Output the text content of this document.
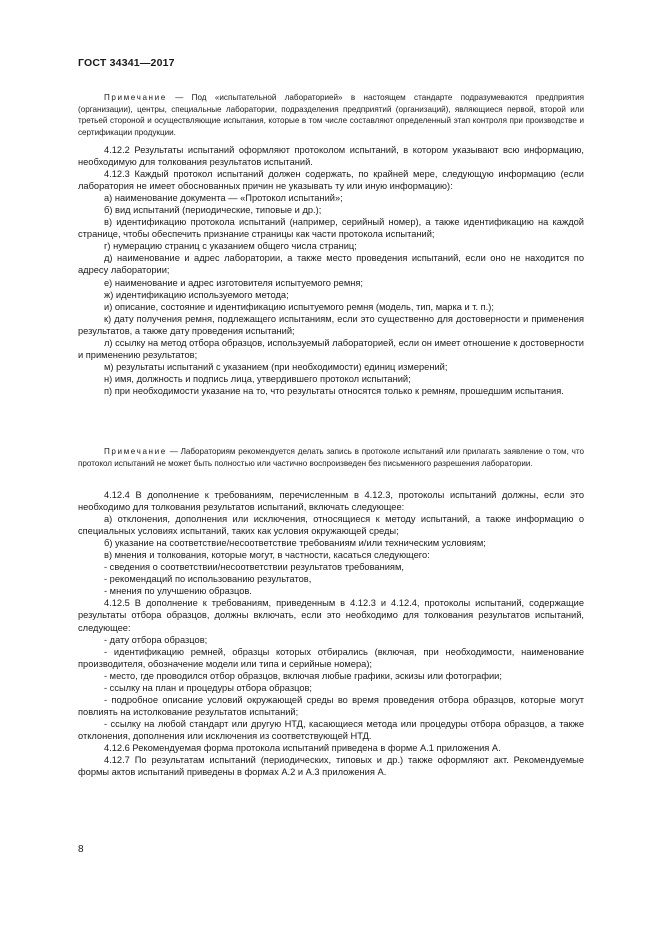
ГОСТ 34341—2017

Примечание — Под «испытательной лабораторией» в настоящем стандарте подразумеваются предприятия (организации), центры, специальные лаборатории, подразделения предприятий (организаций), являющиеся первой, второй или третьей стороной и осуществляющие испытания, которые в том числе составляют определенный этап контроля при производстве и сертификации продукции.

4.12.2 Результаты испытаний оформляют протоколом испытаний, в котором указывают всю информацию, необходимую для толкования результатов испытаний.

4.12.3 Каждый протокол испытаний должен содержать, по крайней мере, следующую информацию (если лаборатория не имеет обоснованных причин не указывать ту или иную информацию):

а) наименование документа — «Протокол испытаний»;

б) вид испытаний (периодические, типовые и др.);

в) идентификацию протокола испытаний (например, серийный номер), а также идентификацию на каждой странице, чтобы обеспечить признание страницы как части протокола испытаний;

г) нумерацию страниц с указанием общего числа страниц;

д) наименование и адрес лаборатории, а также место проведения испытаний, если оно не находится по адресу лаборатории;

е) наименование и адрес изготовителя испытуемого ремня;

ж) идентификацию используемого метода;

и) описание, состояние и идентификацию испытуемого ремня (модель, тип, марка и т. п.);

к) дату получения ремня, подлежащего испытаниям, если это существенно для достоверности и применения результатов, а также дату проведения испытаний;

л) ссылку на метод отбора образцов, используемый лабораторией, если он имеет отношение к достоверности и применению результатов;

м) результаты испытаний с указанием (при необходимости) единиц измерений;

н) имя, должность и подпись лица, утвердившего протокол испытаний;

п) при необходимости указание на то, что результаты относятся только к ремням, прошедшим испытания.

Примечание — Лабораториям рекомендуется делать запись в протоколе испытаний или прилагать заявление о том, что протокол испытаний не может быть полностью или частично воспроизведен без письменного разрешения лаборатории.

4.12.4 В дополнение к требованиям, перечисленным в 4.12.3, протоколы испытаний должны, если это необходимо для толкования результатов испытаний, включать следующее:

а) отклонения, дополнения или исключения, относящиеся к методу испытаний, а также информацию о специальных условиях испытаний, таких как условия окружающей среды;

б) указание на соответствие/несоответствие требованиям и/или техническим условиям;

в) мнения и толкования, которые могут, в частности, касаться следующего:

- сведения о соответствии/несоответствии результатов требованиям,

- рекомендаций по использованию результатов,

- мнения по улучшению образцов.

4.12.5 В дополнение к требованиям, приведенным в 4.12.3 и 4.12.4, протоколы испытаний, содержащие результаты отбора образцов, должны включать, если это необходимо для толкования результатов испытаний, следующее:

- дату отбора образцов;

- идентификацию ремней, образцы которых отбирались (включая, при необходимости, наименование производителя, обозначение модели или типа и серийные номера);

- место, где проводился отбор образцов, включая любые графики, эскизы или фотографии;

- ссылку на план и процедуры отбора образцов;

- подробное описание условий окружающей среды во время проведения отбора образцов, которые могут повлиять на истолкование результатов испытаний;

- ссылку на любой стандарт или другую НТД, касающиеся метода или процедуры отбора образцов, а также отклонения, дополнения или исключения из соответствующей НТД.

4.12.6 Рекомендуемая форма протокола испытаний приведена в форме А.1 приложения А.

4.12.7 По результатам испытаний (периодических, типовых и др.) также оформляют акт. Рекомендуемые формы актов испытаний приведены в формах А.2 и А.3 приложения А.

8
